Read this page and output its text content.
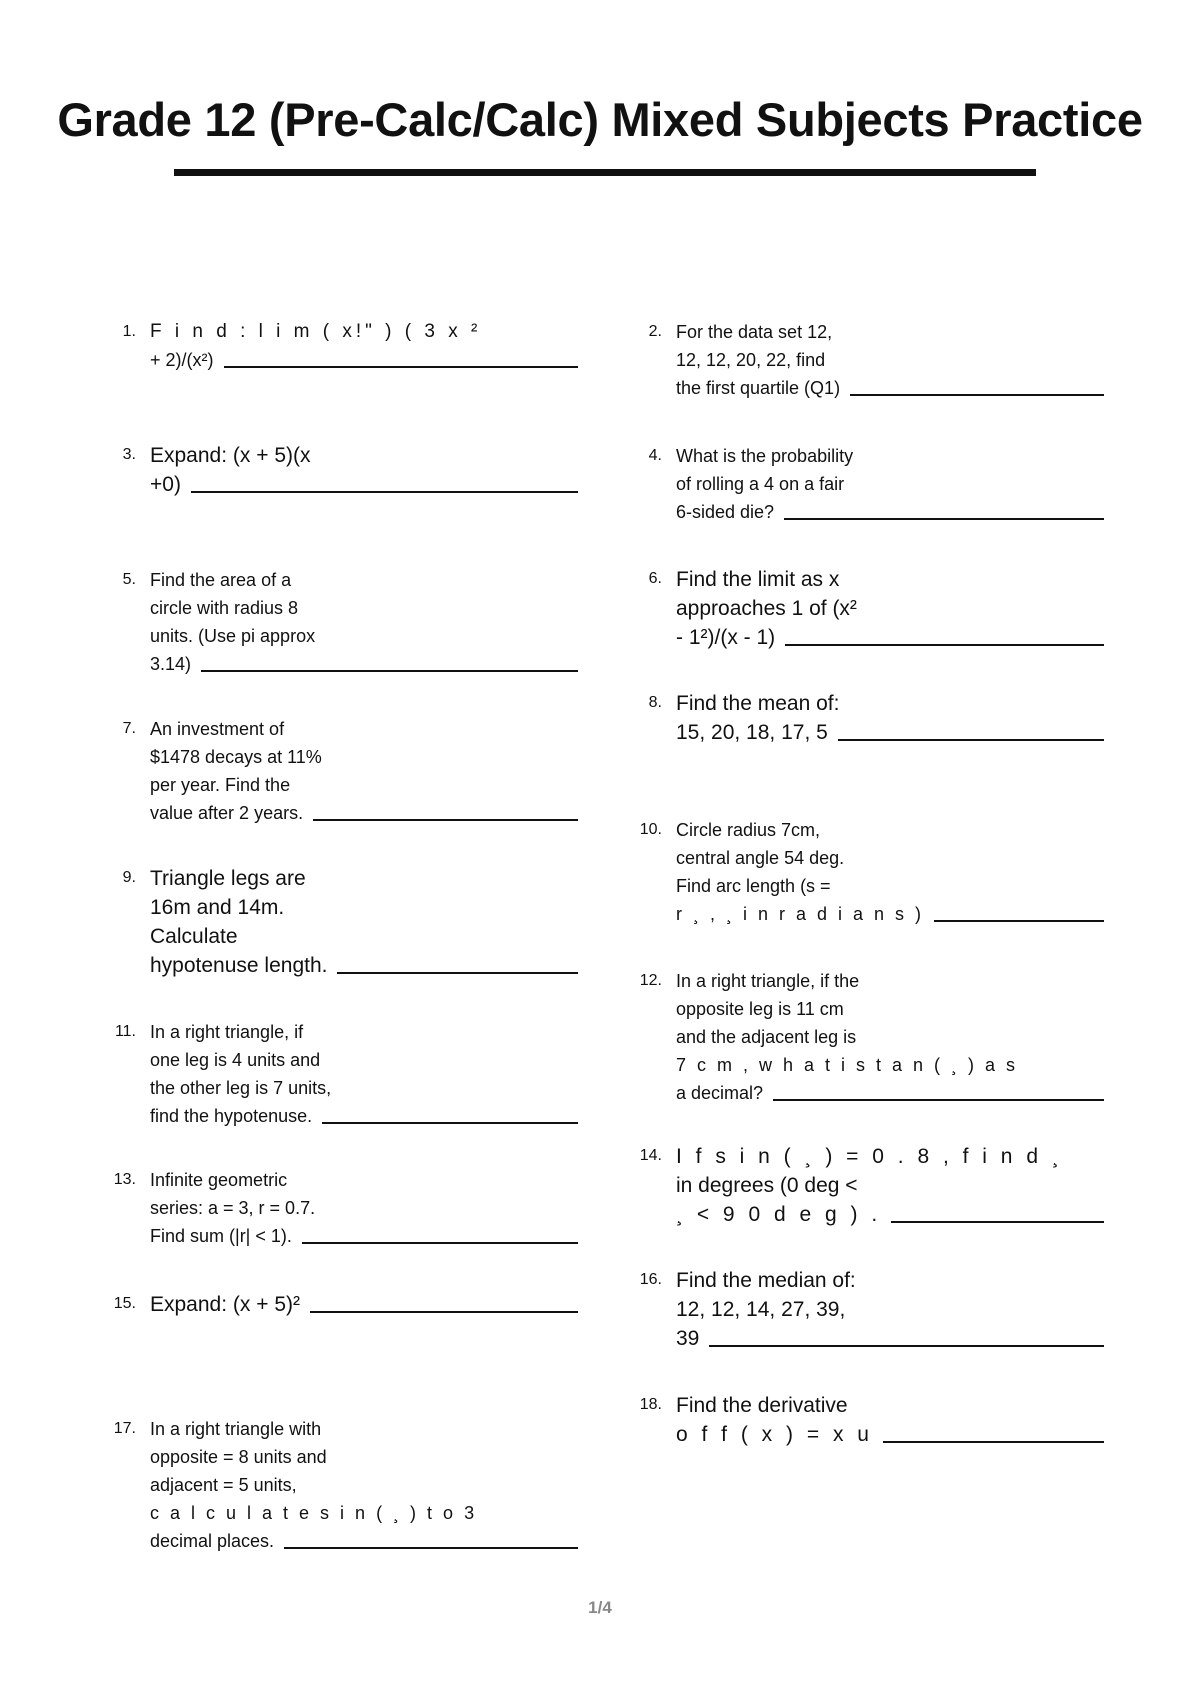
Grade 12 (Pre-Calc/Calc) Mixed Subjects Practice
1. F i n d : l i m ( x!" ) ( 3 x ²
+ 2)/(x²)
2. For the data set 12,
12, 12, 20, 22, find
the first quartile (Q1)
3. Expand: (x + 5)(x
+0)
4. What is the probability
of rolling a 4 on a fair
6-sided die?
5. Find the area of a
circle with radius 8
units. (Use pi approx
3.14)
6. Find the limit as x
approaches 1 of (x²
- 1²)/(x - 1)
7. An investment of
$1478 decays at 11%
per year. Find the
value after 2 years.
8. Find the mean of:
15, 20, 18, 17, 5
9. Triangle legs are
16m and 14m.
Calculate
hypotenuse length.
10. Circle radius 7cm,
central angle 54 deg.
Find arc length (s =
r ¸ , ¸ i n r a d i a n s )
11. In a right triangle, if
one leg is 4 units and
the other leg is 7 units,
find the hypotenuse.
12. In a right triangle, if the
opposite leg is 11 cm
and the adjacent leg is
7 c m , w h a t i s t a n ( ¸ ) a s
a decimal?
13. Infinite geometric
series: a = 3, r = 0.7.
Find sum (|r| < 1).
14. I f s i n ( ¸ ) = 0 . 8 , f i n d ¸
in degrees (0 deg <
¸ < 9 0 d e g ) .
15. Expand: (x + 5)²
16. Find the median of:
12, 12, 14, 27, 39,
39
17. In a right triangle with
opposite = 8 units and
adjacent = 5 units,
c a l c u l a t e s i n ( ¸ ) t o 3
decimal places.
18. Find the derivative
o f f ( x ) = x u
1/4
